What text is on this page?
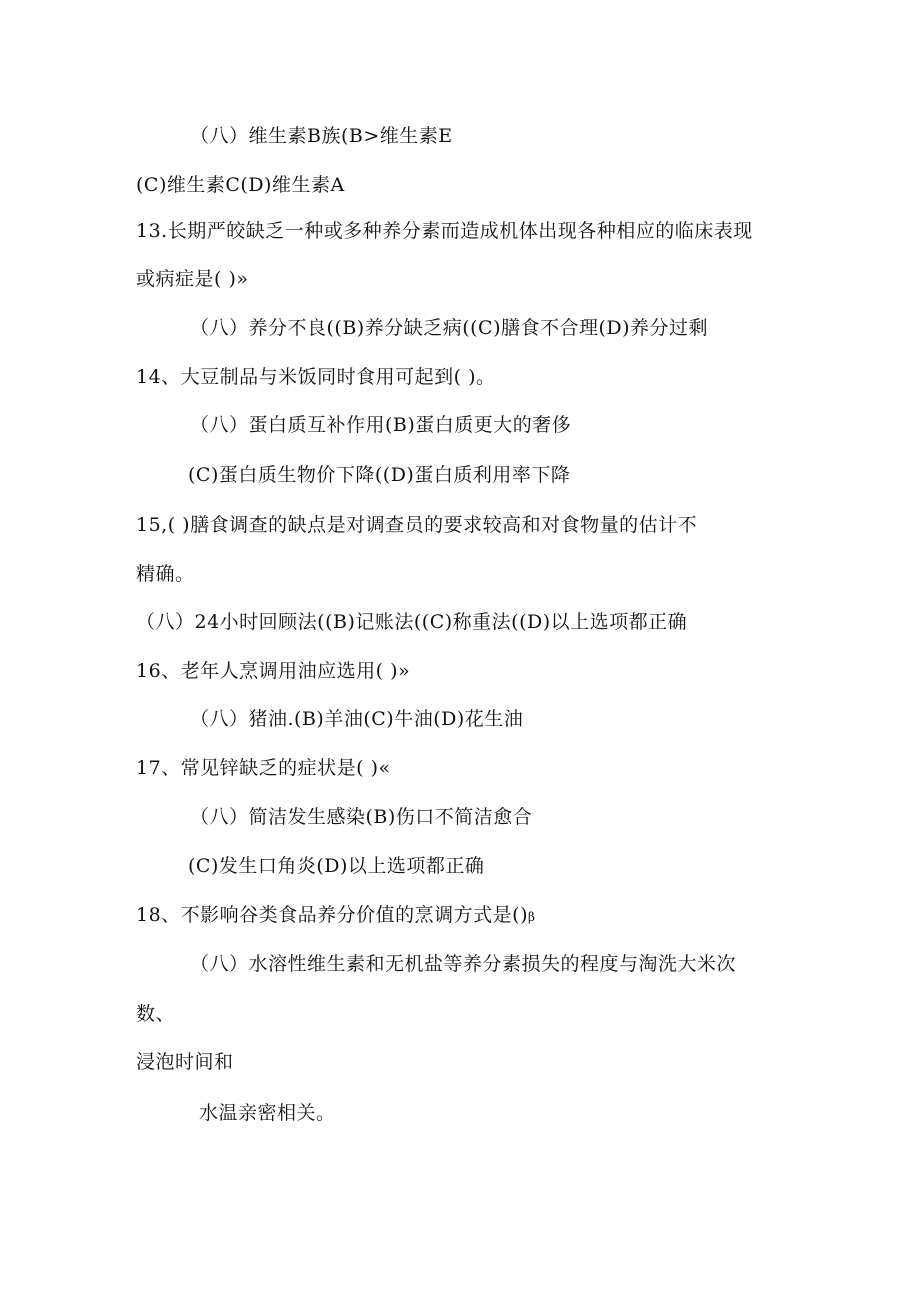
（八）维生素B族(B>维生素E
(C)维生素C(D)维生素A
13.长期严皎缺乏一种或多种养分素而造成机体出现各种相应的临床表现
或病症是( )»
（八）养分不良((B)养分缺乏病((C)膳食不合理(D)养分过剩
14、大豆制品与米饭同时食用可起到( )。
（八）蛋白质互补作用(B)蛋白质更大的奢侈
(C)蛋白质生物价下降((D)蛋白质利用率下降
15,( )膳食调查的缺点是对调查员的要求较高和对食物量的估计不
精确。
（八）24小时回顾法((B)记账法((C)称重法((D)以上选项都正确
16、老年人烹调用油应选用( )»
（八）猪油.(B)羊油(C)牛油(D)花生油
17、常见锌缺乏的症状是( )«
（八）简洁发生感染(B)伤口不简洁愈合
(C)发生口角炎(D)以上选项都正确
18、不影响谷类食品养分价值的烹调方式是()β
（八）水溶性维生素和无机盐等养分素损失的程度与淘洗大米次
数、
浸泡时间和
水温亲密相关。
